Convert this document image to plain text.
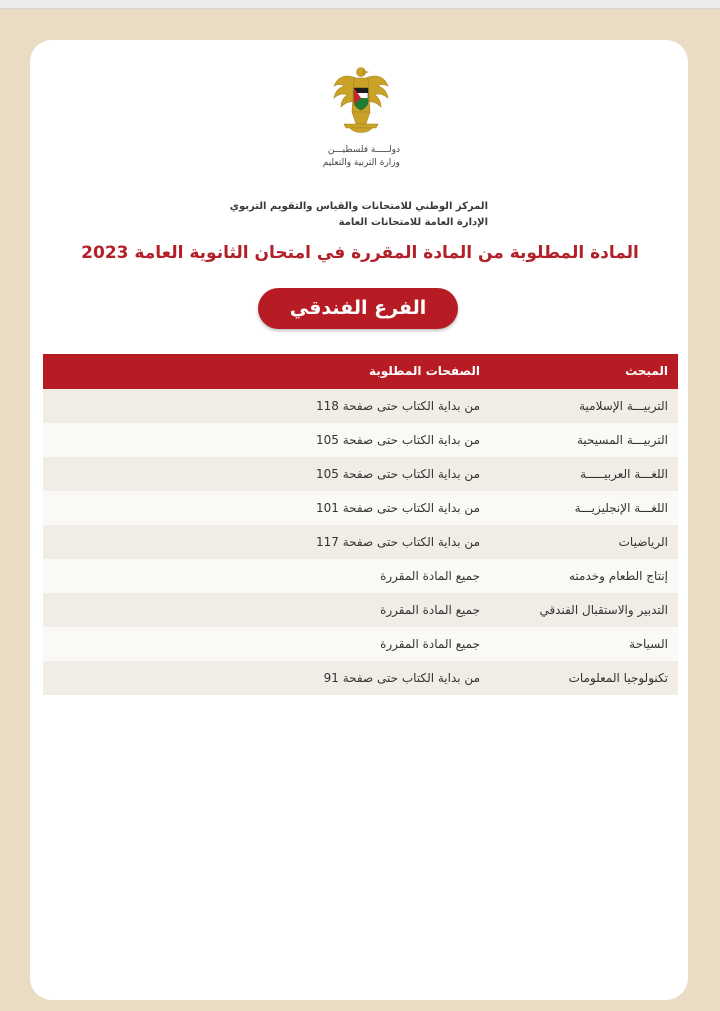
دولـــــة فلسطيـــن
وزارة التربية والتعليم
المركز الوطني للامتحانات والقياس والتقويم التربوي
الإدارة العامة للامتحانات العامة
المادة المطلوبة من المادة المقررة في امتحان الثانوية العامة 2023
الفرع الفندقي
المبحث
الصفحات المطلوبة
التربيـــة الإسلامية
من بداية الكتاب حتى صفحة 118
التربيـــة المسيحية
من بداية الكتاب حتى صفحة 105
اللغـــة العربيـــــة
من بداية الكتاب حتى صفحة 105
اللغـــة الإنجليزيـــة
من بداية الكتاب حتى صفحة 101
الرياضيات
من بداية الكتاب حتى صفحة 117
إنتاج الطعام وخدمته
جميع المادة المقررة
التدبير والاستقبال الفندقي
جميع المادة المقررة
السياحة
جميع المادة المقررة
تكنولوجيا المعلومات
من بداية الكتاب حتى صفحة 91
